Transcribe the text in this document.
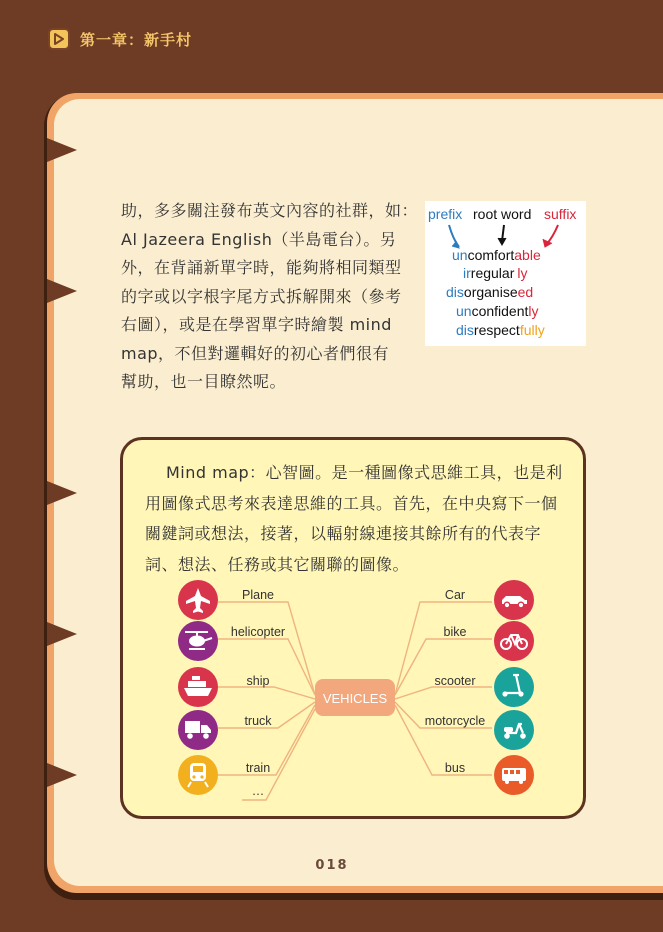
第一章：新手村

助，多多關注發布英文內容的社群，如：
Al Jazeera English（半島電台）。另
外，在背誦新單字時，能夠將相同類型
的字或以字根字尾方式拆解開來（參考
右圖），或是在學習單字時繪製 mind
map，不但對邏輯好的初心者們很有
幫助，也一目瞭然呢。

prefix root word suffix
uncomfortable
irregular ly
disorganiseed
unconfidently
disrespectfully

Mind map：心智圖。是一種圖像式思維工具，也是利
用圖像式思考來表達思維的工具。首先，在中央寫下一個
關鍵詞或想法，接著，以輻射線連接其餘所有的代表字
詞、想法、任務或其它關聯的圖像。

VEHICLES
Plane
helicopter
ship
truck
train
…
Car
bike
scooter
motorcycle
bus
018
